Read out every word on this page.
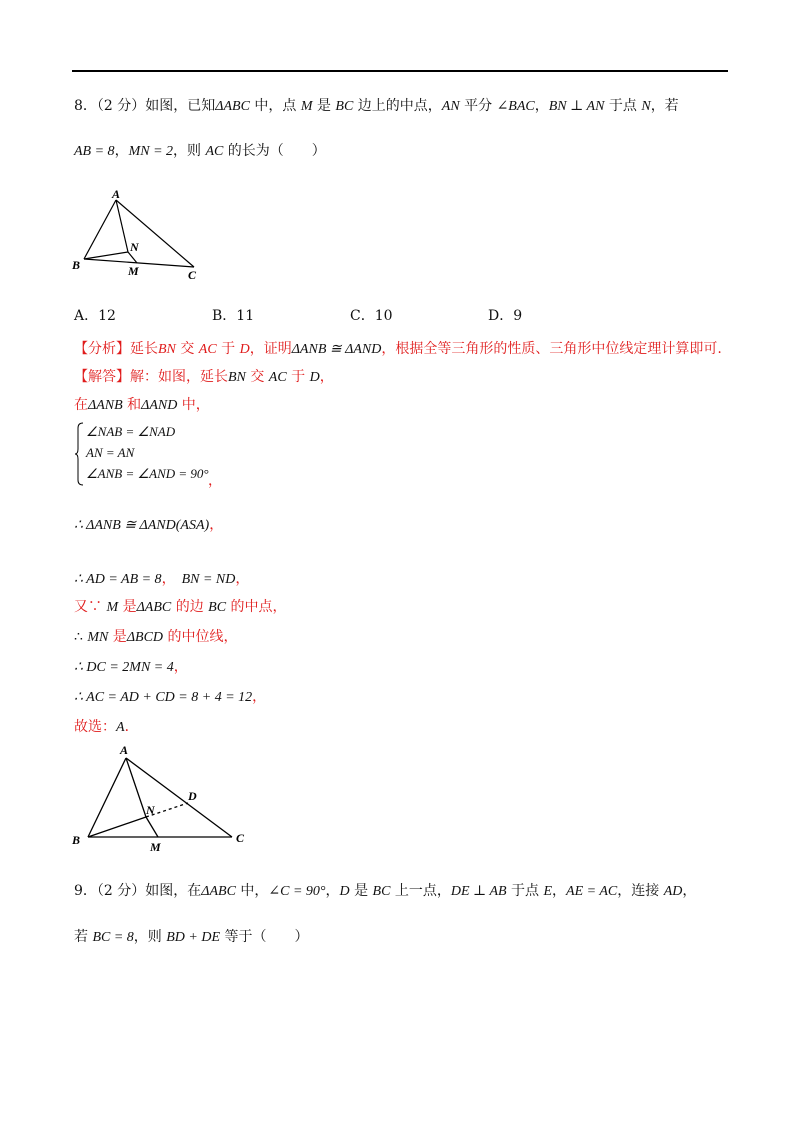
8．（2 分）如图，已知ΔABC 中，点 M 是 BC 边上的中点，AN 平分 ∠BAC，BN ⊥ AN 于点 N，若
AB = 8，MN = 2，则 AC 的长为（　　）
A
B
C
M
N
A．12	B．11	C．10	D．9
【分析】延长BN 交 AC 于 D，证明ΔANB ≅ ΔAND，根据全等三角形的性质、三角形中位线定理计算即可.
【解答】解：如图，延长BN 交 AC 于 D，
在ΔANB 和ΔAND 中，
∠NAB = ∠NAD
AN = AN
∠ANB = ∠AND = 90° ，
∴ ΔANB ≅ ΔAND(ASA)，
∴ AD = AB = 8， BN = ND，
又∵ M 是ΔABC 的边 BC 的中点，
∴ MN 是ΔBCD 的中位线，
∴ DC = 2MN = 4，
∴ AC = AD + CD = 8 + 4 = 12，
故选：A．
A
B	C
D
M
N
9．（2 分）如图，在ΔABC 中，∠C = 90°，D 是 BC 上一点，DE ⊥ AB 于点 E，AE = AC，连接 AD，
若 BC = 8，则 BD + DE 等于（　　）
